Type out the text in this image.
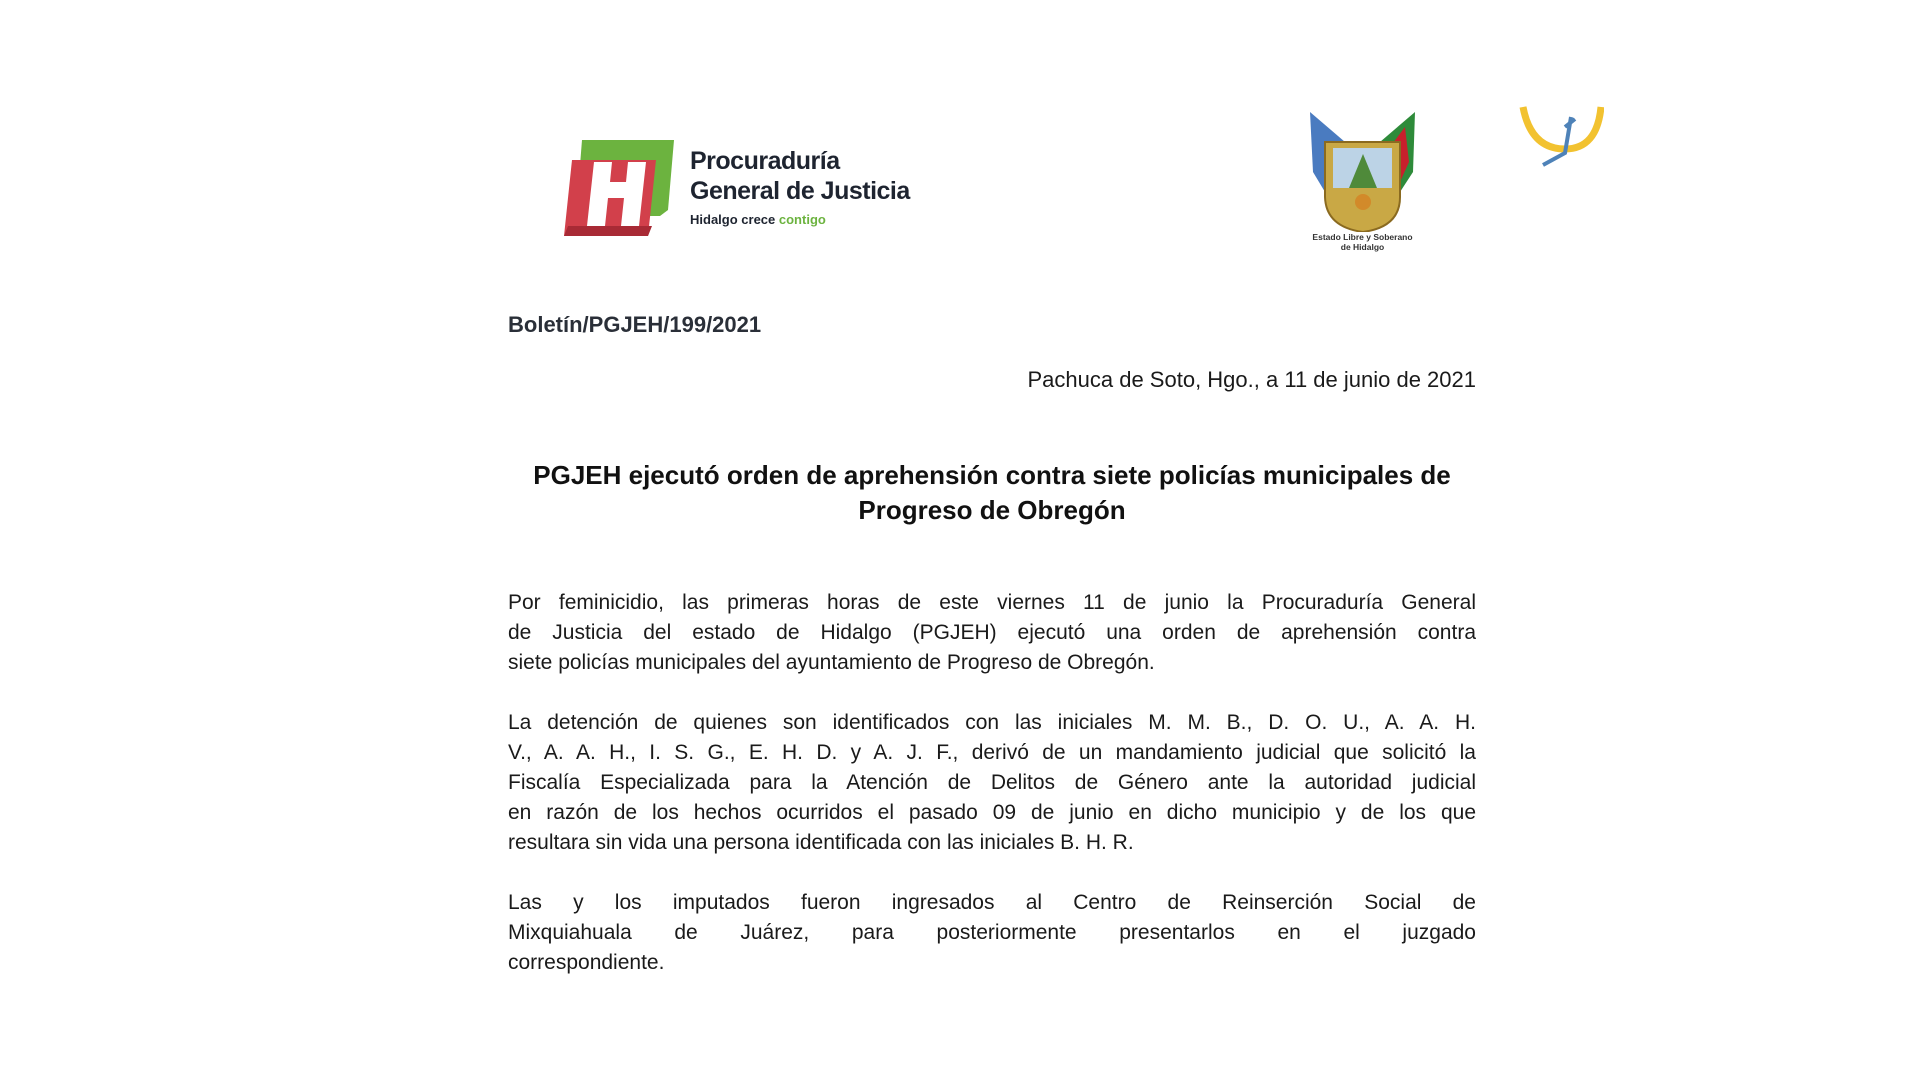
Procuraduría
General de Justicia
Hidalgo crece contigo
Estado Libre y Soberano
de Hidalgo
Boletín/PGJEH/199/2021
Pachuca de Soto, Hgo., a 11 de junio de 2021
PGJEH ejecutó orden de aprehensión contra siete policías municipales de
Progreso de Obregón
Por feminicidio, las primeras horas de este viernes 11 de junio la Procuraduría General
de Justicia del estado de Hidalgo (PGJEH) ejecutó una orden de aprehensión contra
siete policías municipales del ayuntamiento de Progreso de Obregón.
La detención de quienes son identificados con las iniciales M. M. B., D. O. U., A. A. H.
V., A. A. H., I. S. G., E. H. D. y A. J. F., derivó de un mandamiento judicial que solicitó la
Fiscalía Especializada para la Atención de Delitos de Género ante la autoridad judicial
en razón de los hechos ocurridos el pasado 09 de junio en dicho municipio y de los que
resultara sin vida una persona identificada con las iniciales B. H. R.
Las y los imputados fueron ingresados al Centro de Reinserción Social de
Mixquiahuala de Juárez, para posteriormente presentarlos en el juzgado
correspondiente.
